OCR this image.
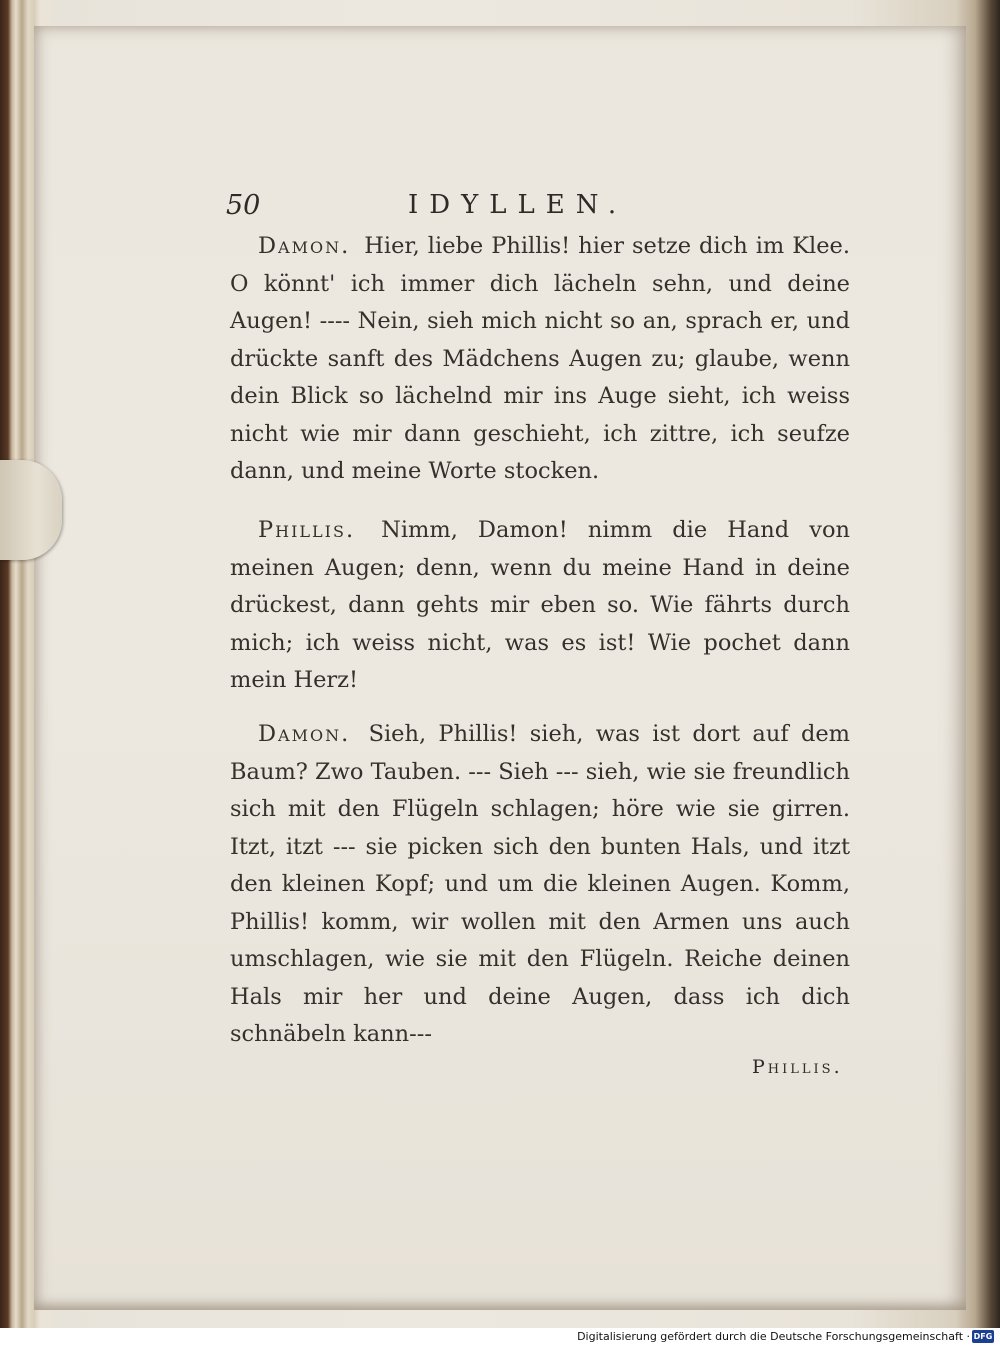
50	IDYLLEN.
Damon. Hier, liebe Phillis! hier setze dich im Klee. O könnt' ich immer dich lächeln sehn, und deine Augen! ---- Nein, sieh mich nicht so an, sprach er, und drückte sanft des Mädchens Augen zu; glaube, wenn dein Blick so lächelnd mir ins Auge sieht, ich weiss nicht wie mir dann geschieht, ich zittre, ich seufze dann, und meine Worte stocken.
Phillis. Nimm, Damon! nimm die Hand von meinen Augen; denn, wenn du meine Hand in deine drückest, dann gehts mir eben so. Wie fährts durch mich; ich weiss nicht, was es ist! Wie pochet dann mein Herz!
Damon. Sieh, Phillis! sieh, was ist dort auf dem Baum? Zwo Tauben. --- Sieh --- sieh, wie sie freundlich sich mit den Flügeln schlagen; höre wie sie girren. Itzt, itzt --- sie picken sich den bunten Hals, und itzt den kleinen Kopf; und um die kleinen Augen. Komm, Phillis! komm, wir wollen mit den Armen uns auch umschlagen, wie sie mit den Flügeln. Reiche deinen Hals mir her und deine Augen, dass ich dich schnäbeln kann---
Phillis.
Digitalisierung gefördert durch die Deutsche Forschungsgemeinschaft · DFG
